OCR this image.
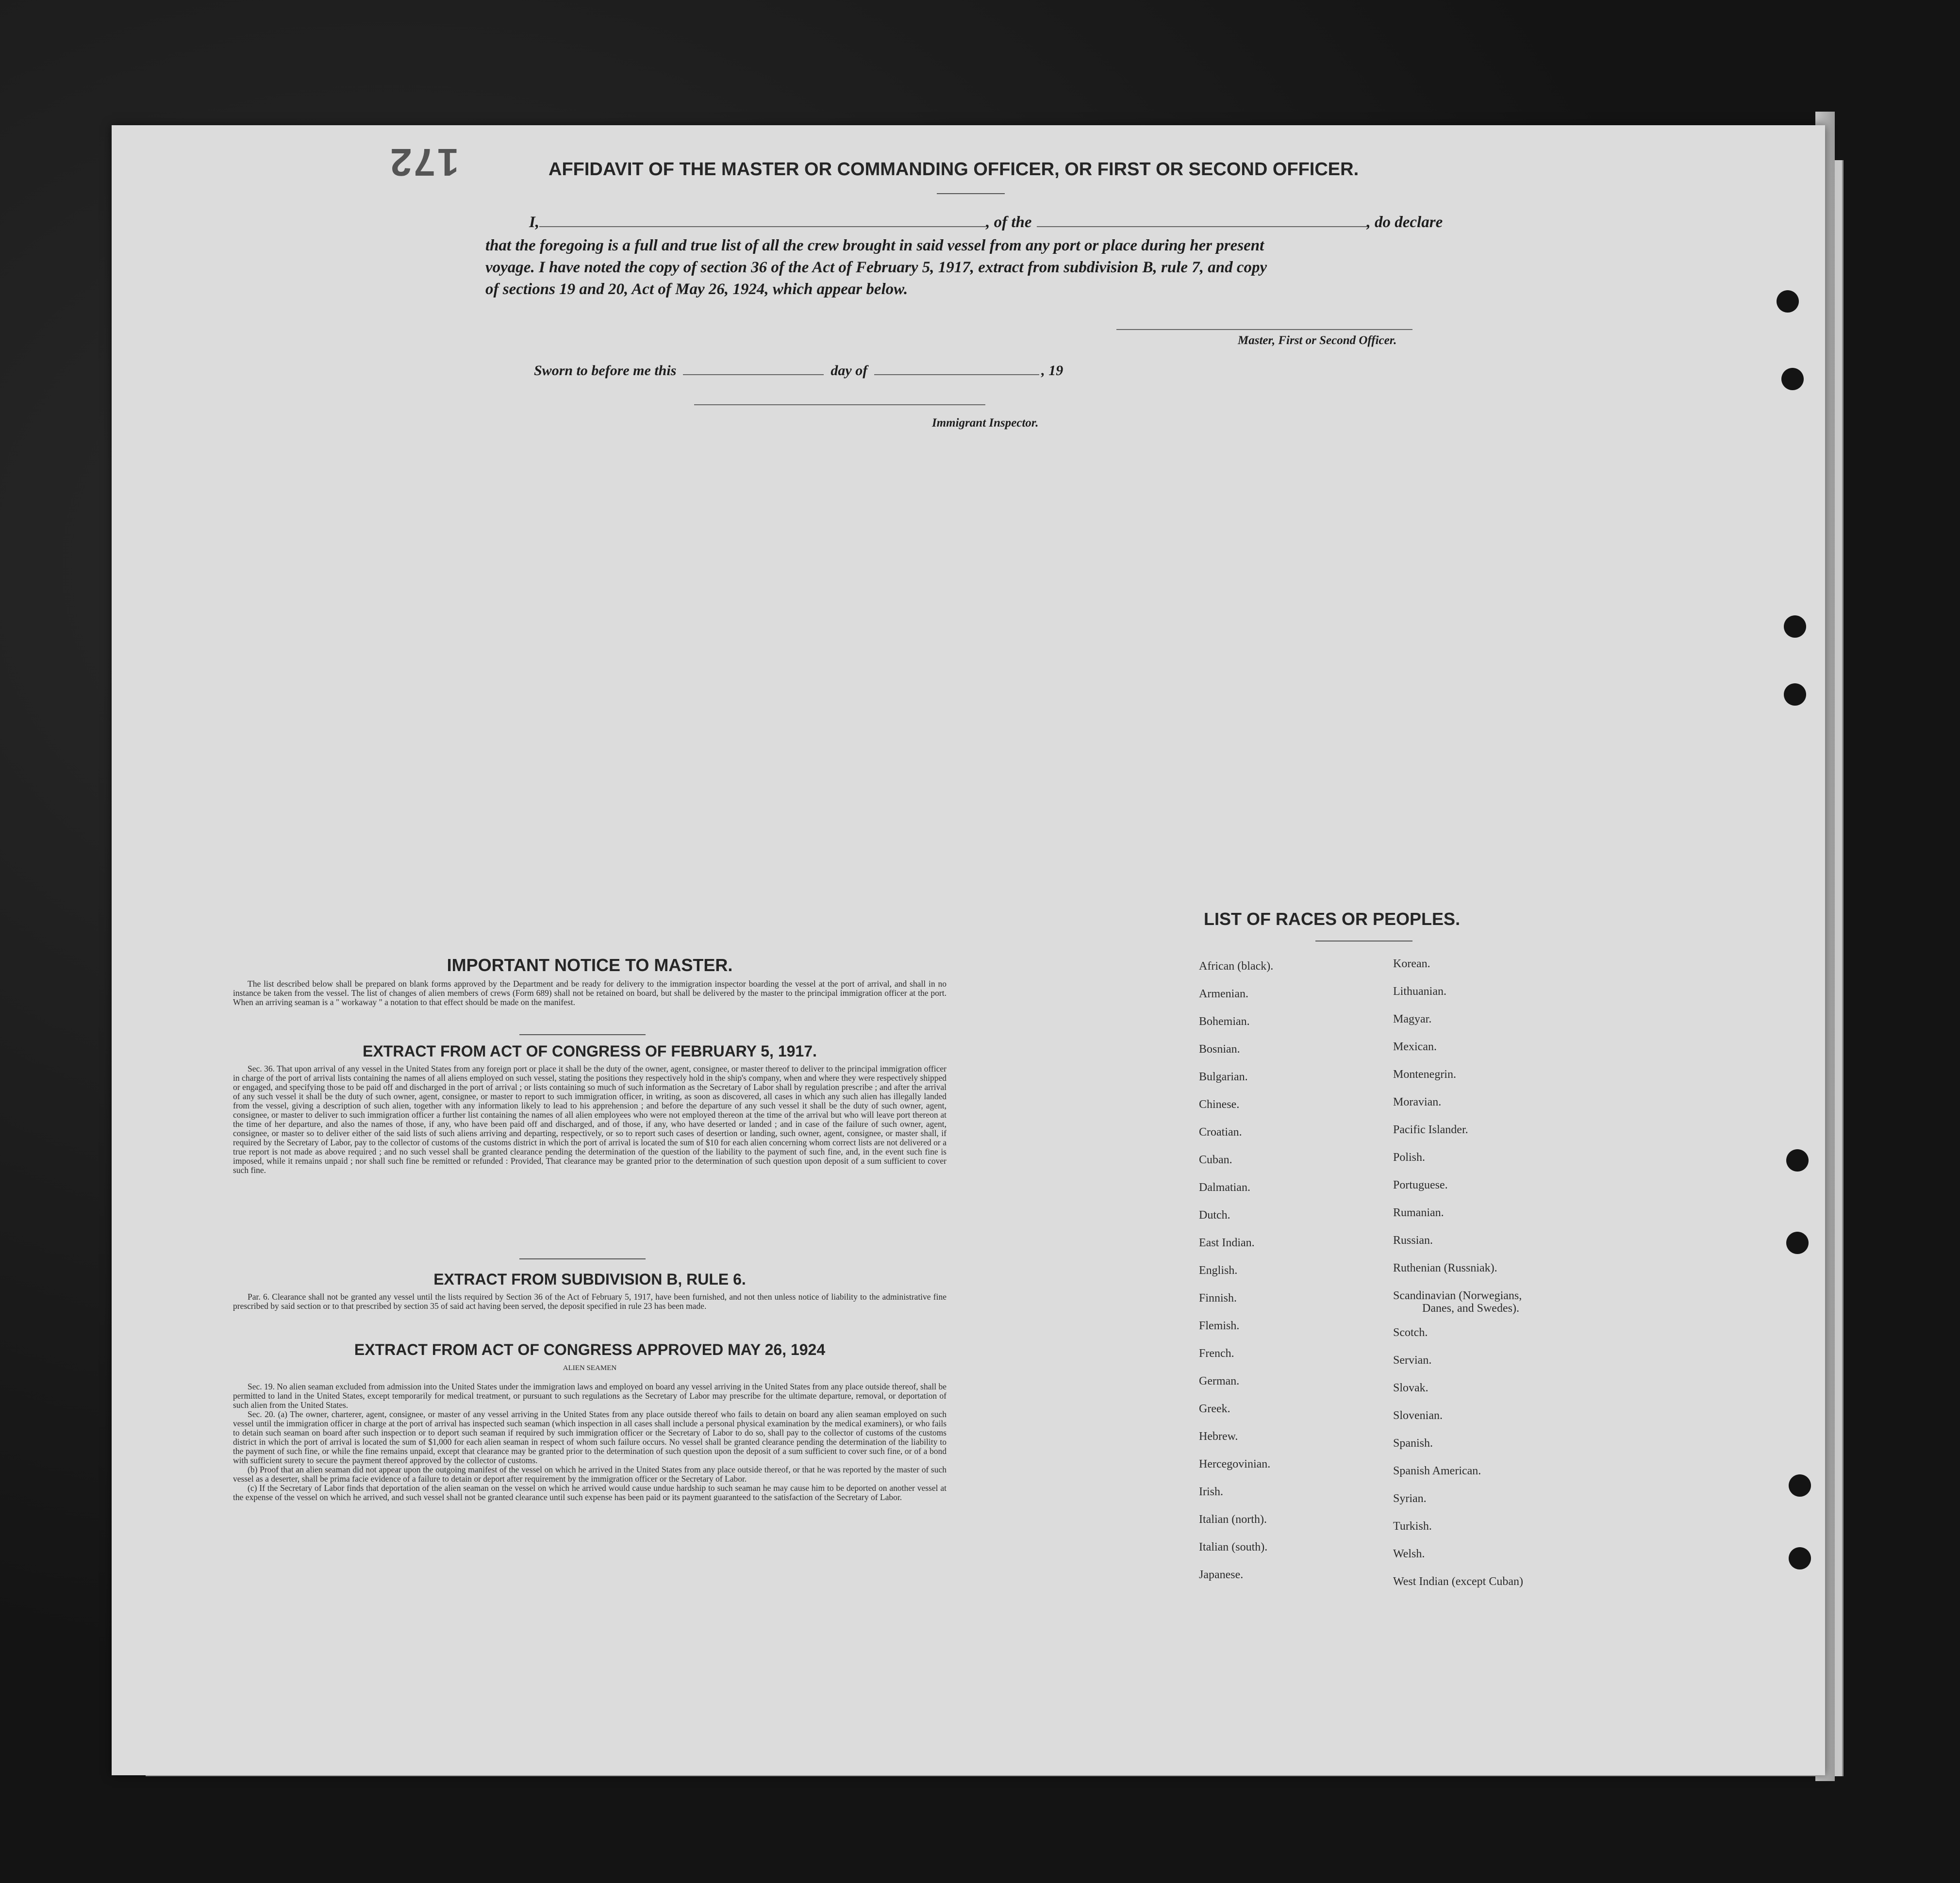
172	AFFIDAVIT OF THE MASTER OR COMMANDING OFFICER, OR FIRST OR SECOND OFFICER.
I,	, of the	, do declare
that the foregoing is a full and true list of all the crew brought in said vessel from any port or place during her present
voyage. I have noted the copy of section 36 of the Act of February 5, 1917, extract from subdivision B, rule 7, and copy
of sections 19 and 20, Act of May 26, 1924, which appear below.
Master, First or Second Officer.
Sworn to before me this	day of	, 19
Immigrant Inspector.
IMPORTANT NOTICE TO MASTER.

The list described below shall be prepared on blank forms approved by the Department and be ready for delivery to the immigration inspector boarding the vessel at the port of arrival, and shall in no instance be taken from the vessel. The list of changes of alien members of crews (Form 689) shall not be retained on board, but shall be delivered by the master to the principal immigration officer at the port. When an arriving seaman is a " workaway " a notation to that effect should be made on the manifest.

EXTRACT FROM ACT OF CONGRESS OF FEBRUARY 5, 1917.

Sec. 36. That upon arrival of any vessel in the United States from any foreign port or place it shall be the duty of the owner, agent, consignee, or master thereof to deliver to the principal immigration officer in charge of the port of arrival lists containing the names of all aliens employed on such vessel, stating the positions they respectively hold in the ship's company, when and where they were respectively shipped or engaged, and specifying those to be paid off and discharged in the port of arrival ; or lists containing so much of such information as the Secretary of Labor shall by regulation prescribe ; and after the arrival of any such vessel it shall be the duty of such owner, agent, consignee, or master to report to such immigration officer, in writing, as soon as discovered, all cases in which any such alien has illegally landed from the vessel, giving a description of such alien, together with any information likely to lead to his apprehension ; and before the departure of any such vessel it shall be the duty of such owner, agent, consignee, or master to deliver to such immigration officer a further list containing the names of all alien employees who were not employed thereon at the time of the arrival but who will leave port thereon at the time of her departure, and also the names of those, if any, who have been paid off and discharged, and of those, if any, who have deserted or landed ; and in case of the failure of such owner, agent, consignee, or master so to deliver either of the said lists of such aliens arriving and departing, respectively, or so to report such cases of desertion or landing, such owner, agent, consignee, or master shall, if required by the Secretary of Labor, pay to the collector of customs of the customs district in which the port of arrival is located the sum of $10 for each alien concerning whom correct lists are not delivered or a true report is not made as above required ; and no such vessel shall be granted clearance pending the determination of the question of the liability to the payment of such fine, and, in the event such fine is imposed, while it remains unpaid ; nor shall such fine be remitted or refunded : Provided, That clearance may be granted prior to the determination of such question upon deposit of a sum sufficient to cover such fine.

EXTRACT FROM SUBDIVISION B, RULE 6.

Par. 6. Clearance shall not be granted any vessel until the lists required by Section 36 of the Act of February 5, 1917, have been furnished, and not then unless notice of liability to the administrative fine prescribed by said section or to that prescribed by section 35 of said act having been served, the deposit specified in rule 23 has been made.

EXTRACT FROM ACT OF CONGRESS APPROVED MAY 26, 1924
ALIEN SEAMEN

Sec. 19. No alien seaman excluded from admission into the United States under the immigration laws and employed on board any vessel arriving in the United States from any place outside thereof, shall be permitted to land in the United States, except temporarily for medical treatment, or pursuant to such regulations as the Secretary of Labor may prescribe for the ultimate departure, removal, or deportation of such alien from the United States.

Sec. 20. (a) The owner, charterer, agent, consignee, or master of any vessel arriving in the United States from any place outside thereof who fails to detain on board any alien seaman employed on such vessel until the immigration officer in charge at the port of arrival has inspected such seaman (which inspection in all cases shall include a personal physical examination by the medical examiners), or who fails to detain such seaman on board after such inspection or to deport such seaman if required by such immigration officer or the Secretary of Labor to do so, shall pay to the collector of customs of the customs district in which the port of arrival is located the sum of $1,000 for each alien seaman in respect of whom such failure occurs. No vessel shall be granted clearance pending the determination of the liability to the payment of such fine, or while the fine remains unpaid, except that clearance may be granted prior to the determination of such question upon the deposit of a sum sufficient to cover such fine, or of a bond with sufficient surety to secure the payment thereof approved by the collector of customs.

(b) Proof that an alien seaman did not appear upon the outgoing manifest of the vessel on which he arrived in the United States from any place outside thereof, or that he was reported by the master of such vessel as a deserter, shall be prima facie evidence of a failure to detain or deport after requirement by the immigration officer or the Secretary of Labor.

(c) If the Secretary of Labor finds that deportation of the alien seaman on the vessel on which he arrived would cause undue hardship to such seaman he may cause him to be deported on another vessel at the expense of the vessel on which he arrived, and such vessel shall not be granted clearance until such expense has been paid or its payment guaranteed to the satisfaction of the Secretary of Labor.

LIST OF RACES OR PEOPLES.
African (black).
Armenian.
Bohemian.
Bosnian.
Bulgarian.
Chinese.
Croatian.
Cuban.
Dalmatian.
Dutch.
East Indian.
English.
Finnish.
Flemish.
French.
German.
Greek.
Hebrew.
Hercegovinian.
Irish.
Italian (north).
Italian (south).
Japanese.
Korean.
Lithuanian.
Magyar.
Mexican.
Montenegrin.
Moravian.
Pacific Islander.
Polish.
Portuguese.
Rumanian.
Russian.
Ruthenian (Russniak).
Scandinavian (Norwegians,
Danes, and Swedes).
Scotch.
Servian.
Slovak.
Slovenian.
Spanish.
Spanish American.
Syrian.
Turkish.
Welsh.
West Indian (except Cuban)
